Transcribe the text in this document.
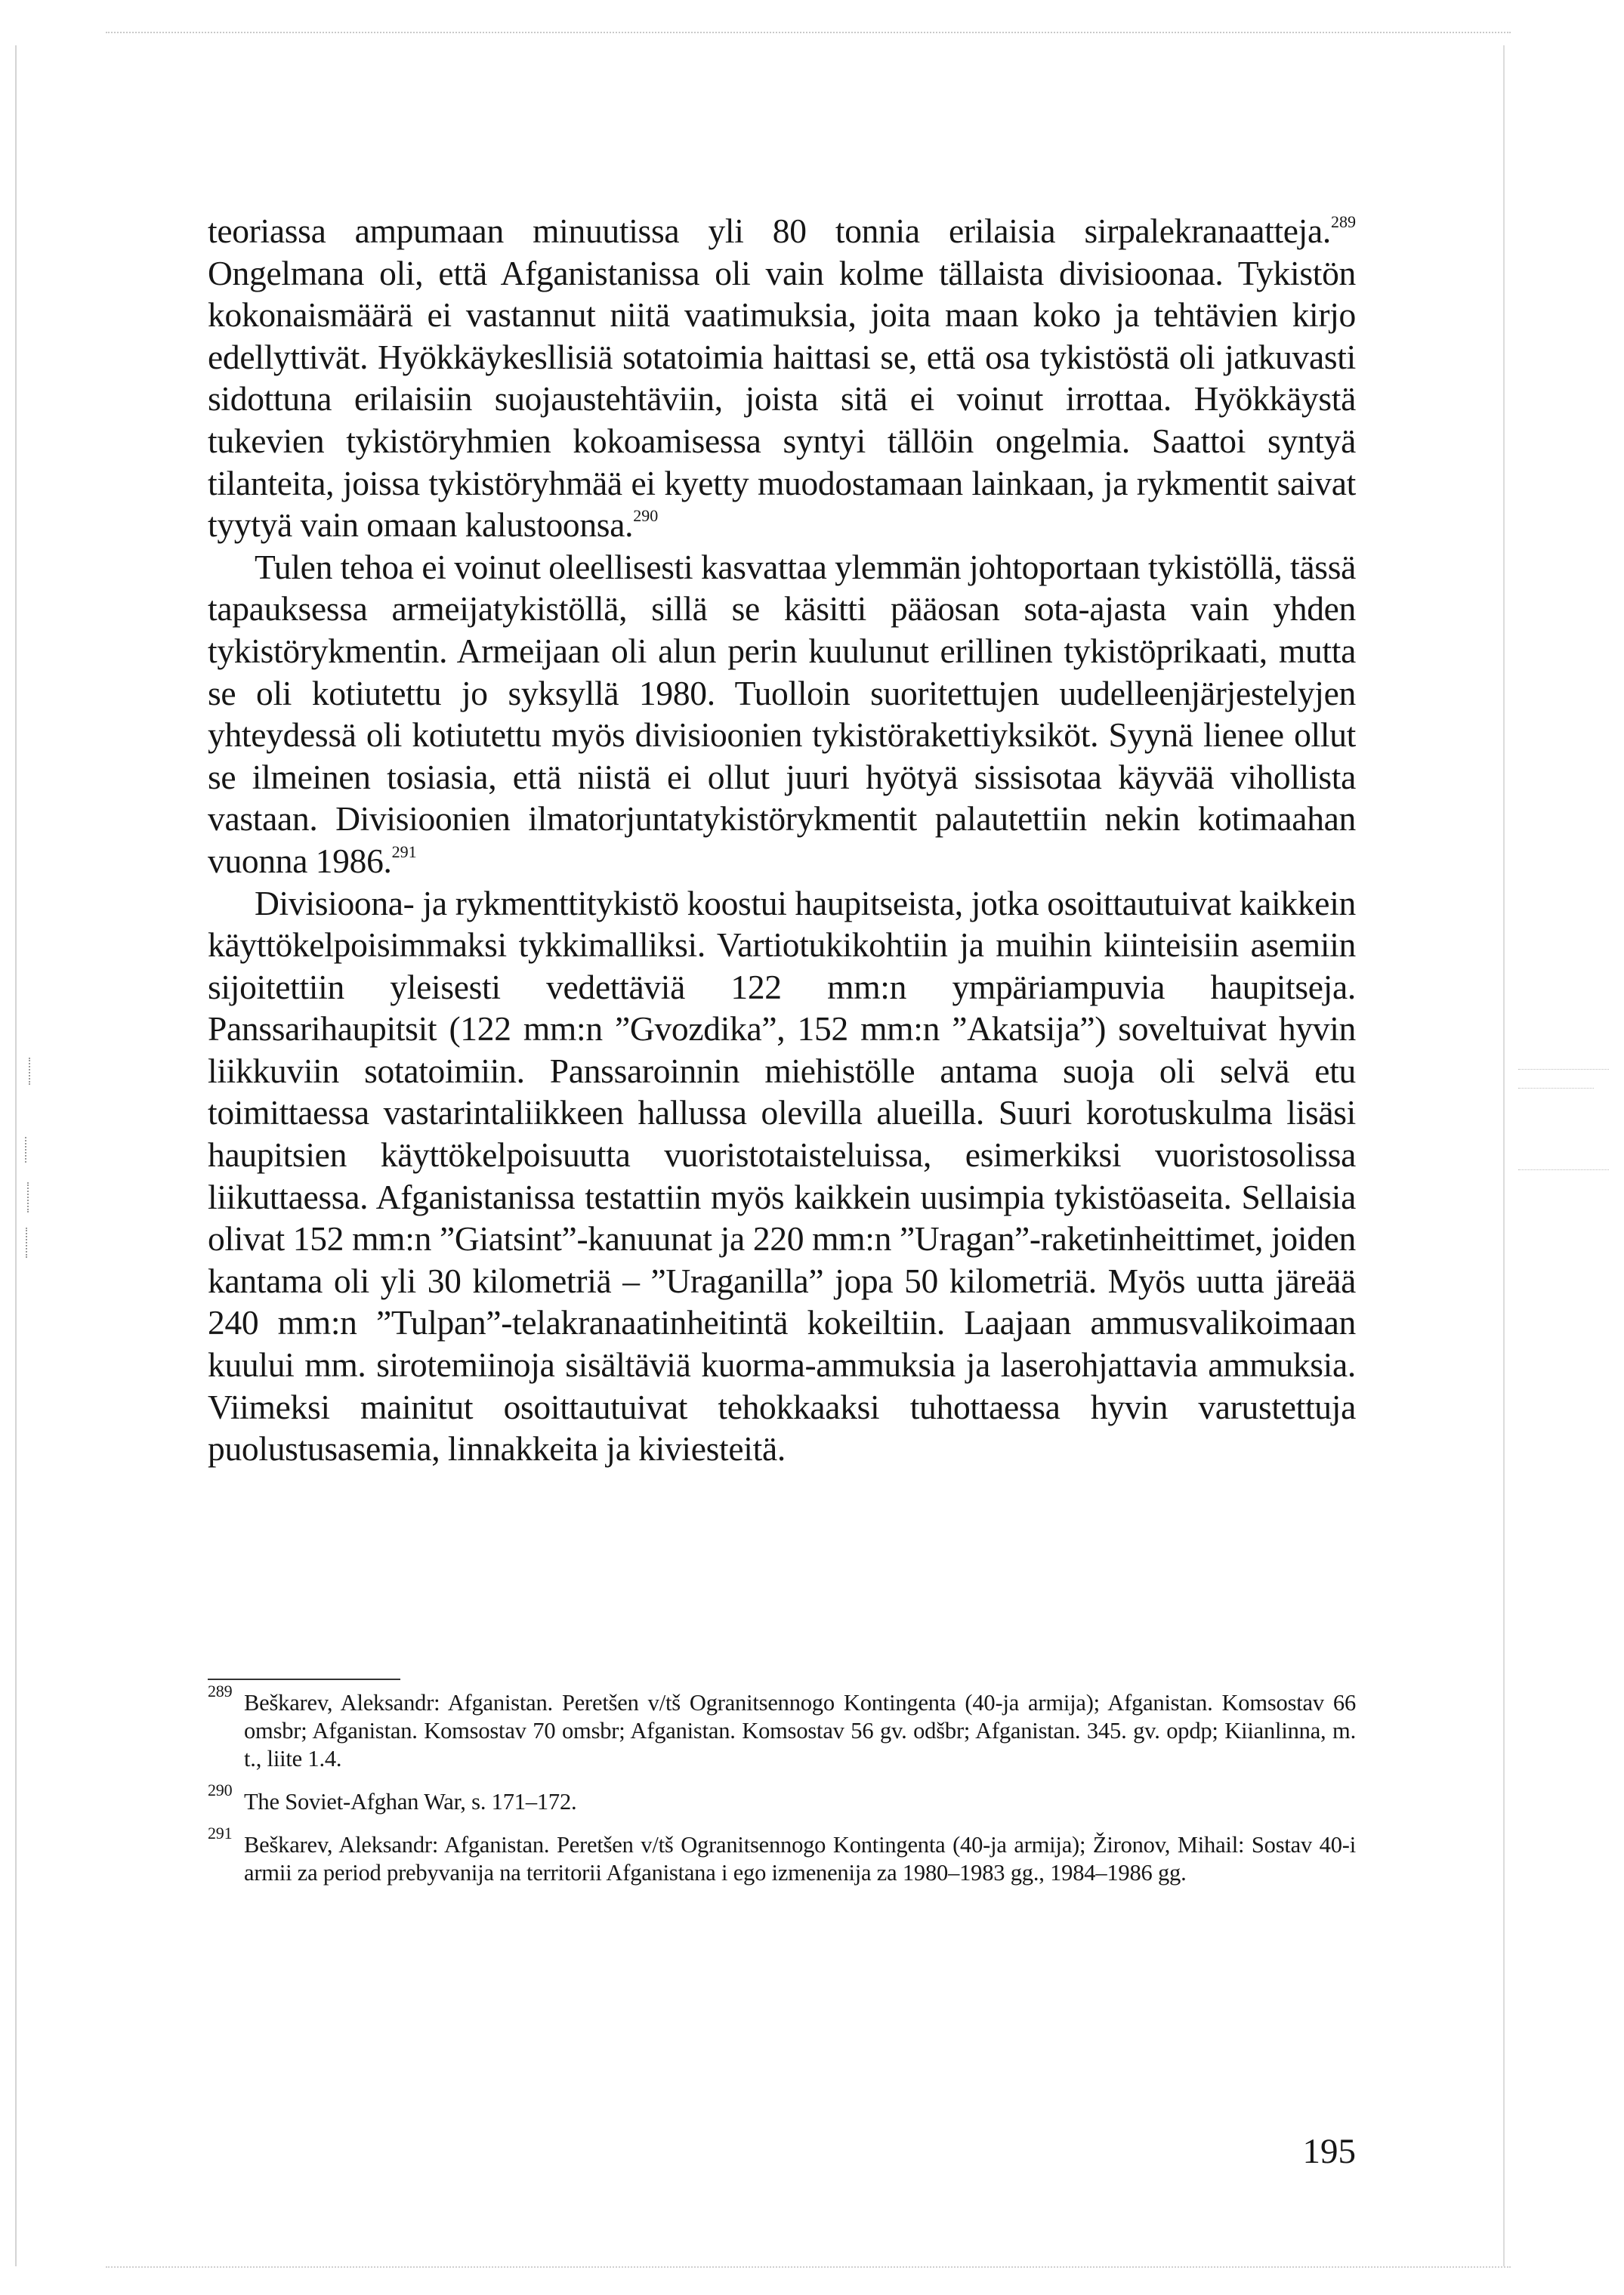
teoriassa ampumaan minuutissa yli 80 tonnia erilaisia sirpalekranaatteja.$^{289}$ Ongelmana oli, että Afganistanissa oli vain kolme tällaista divisioonaa. Tykistön kokonaismäärä ei vastannut niitä vaatimuksia, joita maan koko ja tehtävien kirjo edellyttivät. Hyökkäykesllisiä sotatoimia haittasi se, että osa tykistöstä oli jatkuvasti sidottuna erilaisiin suojaustehtäviin, joista sitä ei voinut irrottaa. Hyökkäystä tukevien tykistöryhmien kokoamisessa syntyi tällöin ongelmia. Saattoi syntyä tilanteita, joissa tykistöryhmää ei kyetty muodostamaan lainkaan, ja rykmentit saivat tyytyä vain omaan kalustoonsa.$^{290}$

Tulen tehoa ei voinut oleellisesti kasvattaa ylemmän johtoportaan tykistöllä, tässä tapauksessa armeijatykistöllä, sillä se käsitti pääosan sota-ajasta vain yhden tykistörykmentin. Armeijaan oli alun perin kuulunut erillinen tykistöprikaati, mutta se oli kotiutettu jo syksyllä 1980. Tuolloin suoritettujen uudelleenjärjestelyjen yhteydessä oli kotiutettu myös divisioonien tykistörakettiyksiköt. Syynä lienee ollut se ilmeinen tosiasia, että niistä ei ollut juuri hyötyä sissisotaa käyvää vihollista vastaan. Divisioonien ilmatorjuntatykistörykmentit palautettiin nekin kotimaahan vuonna 1986.$^{291}$

Divisioona- ja rykmenttitykistö koostui haupitseista, jotka osoittautuivat kaikkein käyttökelpoisimmaksi tykkimalliksi. Vartiotukikohtiin ja muihin kiinteisiin asemiin sijoitettiin yleisesti vedettäviä 122 mm:n ympäriampuvia haupitseja. Panssarihaupitsit (122 mm:n ”Gvozdika”, 152 mm:n ”Akatsija”) soveltuivat hyvin liikkuviin sotatoimiin. Panssaroinnin miehistölle antama suoja oli selvä etu toimittaessa vastarintaliikkeen hallussa olevilla alueilla. Suuri korotuskulma lisäsi haupitsien käyttökelpoisuutta vuoristotaisteluissa, esimerkiksi vuoristosolissa liikuttaessa. Afganistanissa testattiin myös kaikkein uusimpia tykistöaseita. Sellaisia olivat 152 mm:n ”Giatsint”-kanuunat ja 220 mm:n ”Uragan”-raketinheittimet, joiden kantama oli yli 30 kilometriä – ”Uraganilla” jopa 50 kilometriä. Myös uutta järeää 240 mm:n ”Tulpan”-telakranaatinheitintä kokeiltiin. Laajaan ammusvalikoimaan kuului mm. sirotemiinoja sisältäviä kuorma-ammuksia ja laserohjattavia ammuksia. Viimeksi mainitut osoittautuivat tehokkaaksi tuhottaessa hyvin varustettuja puolustusasemia, linnakkeita ja kiviesteitä.

289 Beškarev, Aleksandr: Afganistan. Peretšen v/tš Ogranitsennogo Kontingenta (40-ja armija); Afganistan. Komsostav 66 omsbr; Afganistan. Komsostav 70 omsbr; Afganistan. Komsostav 56 gv. odšbr; Afganistan. 345. gv. opdp; Kiianlinna, m. t., liite 1.4.

290 The Soviet-Afghan War, s. 171–172.

291 Beškarev, Aleksandr: Afganistan. Peretšen v/tš Ogranitsennogo Kontingenta (40-ja armija); Žironov, Mihail: Sostav 40-i armii za period prebyvanija na territorii Afganistana i ego izmenenija za 1980–1983 gg., 1984–1986 gg.

195
